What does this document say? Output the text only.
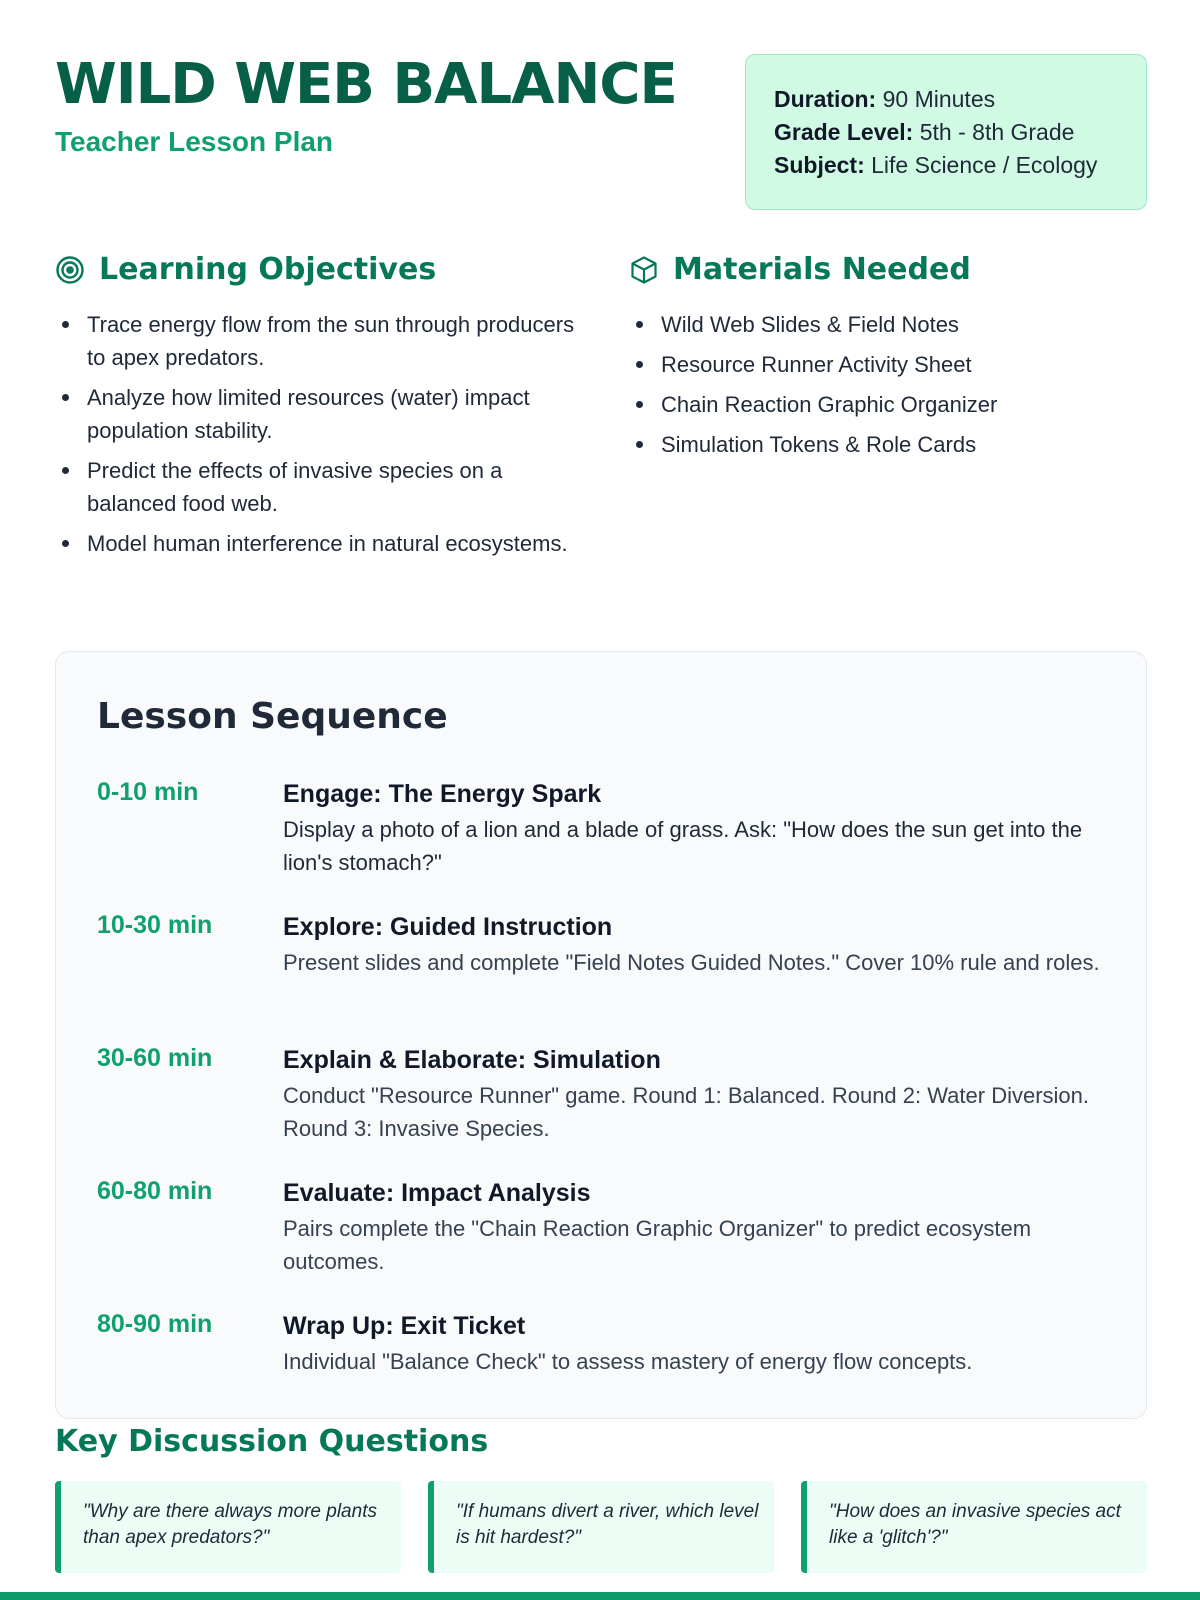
WILD WEB BALANCE
Teacher Lesson Plan
Duration: 90 Minutes
Grade Level: 5th - 8th Grade
Subject: Life Science / Ecology
Learning Objectives
Trace energy flow from the sun through producers to apex predators.
Analyze how limited resources (water) impact population stability.
Predict the effects of invasive species on a balanced food web.
Model human interference in natural ecosystems.
Materials Needed
Wild Web Slides & Field Notes
Resource Runner Activity Sheet
Chain Reaction Graphic Organizer
Simulation Tokens & Role Cards
Lesson Sequence
0-10 min	Engage: The Energy Spark
Display a photo of a lion and a blade of grass. Ask: "How does the sun get into the lion's stomach?"
10-30 min	Explore: Guided Instruction
Present slides and complete "Field Notes Guided Notes." Cover 10% rule and roles.
30-60 min	Explain & Elaborate: Simulation
Conduct "Resource Runner" game. Round 1: Balanced. Round 2: Water Diversion. Round 3: Invasive Species.
60-80 min	Evaluate: Impact Analysis
Pairs complete the "Chain Reaction Graphic Organizer" to predict ecosystem outcomes.
80-90 min	Wrap Up: Exit Ticket
Individual "Balance Check" to assess mastery of energy flow concepts.
Key Discussion Questions

"Why are there always more plants than apex predators?"

"If humans divert a river, which level is hit hardest?"

"How does an invasive species act like a 'glitch'?"
